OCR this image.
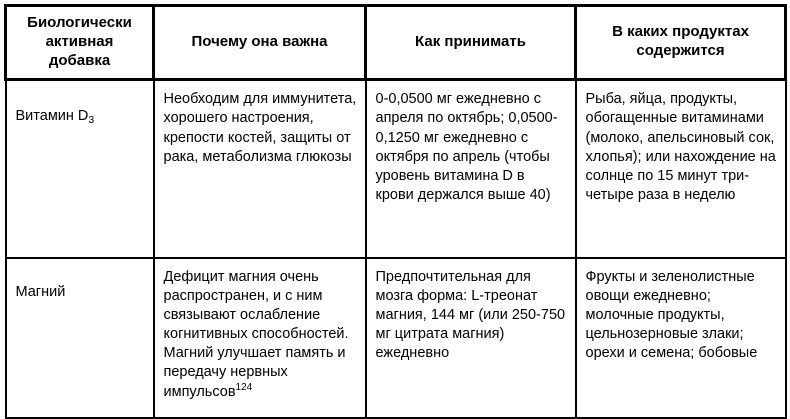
Биологически активная добавка	Почему она важна	Как принимать	В каких продуктах содержится
Витамин $D_3$	Необходим для иммунитета, хорошего настроения, крепости костей, защиты от рака, метаболизма глюкозы	0-0,0500 мг ежедневно с апреля по октябрь; 0,0500-0,1250 мг ежедневно с октября по апрель (чтобы уровень витамина D в крови держался выше 40)	Рыба, яйца, продукты, обогащенные витаминами (молоко, апельсиновый сок, хлопья); или нахождение на солнце по 15 минут три-четыре раза в неделю
Магний	Дефицит магния очень распространен, и с ним связывают ослабление когнитивных способностей. Магний улучшает память и передачу нервных импульсов$^{124}$	Предпочтительная для мозга форма: L-треонат магния, 144 мг (или 250-750 мг цитрата магния) ежедневно	Фрукты и зеленолистные овощи ежедневно; молочные продукты, цельнозерновые злаки; орехи и семена; бобовые
